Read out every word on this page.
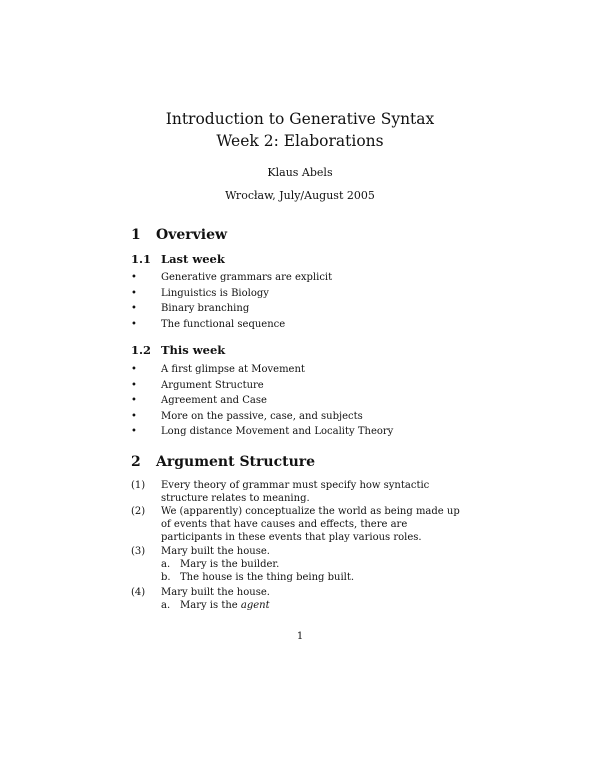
Introduction to Generative Syntax
Week 2: Elaborations
Klaus Abels
Wrocław, July/August 2005
1 Overview
1.1 Last week
• Generative grammars are explicit
• Linguistics is Biology
• Binary branching
• The functional sequence
1.2 This week
• A first glimpse at Movement
• Argument Structure
• Agreement and Case
• More on the passive, case, and subjects
• Long distance Movement and Locality Theory
2 Argument Structure
(1) Every theory of grammar must specify how syntactic structure relates to meaning.
(2) We (apparently) conceptualize the world as being made up of events that have causes and effects, there are participants in these events that play various roles.
(3) Mary built the house.
a. Mary is the builder.
b. The house is the thing being built.
(4) Mary built the house.
a. Mary is the agent
1
